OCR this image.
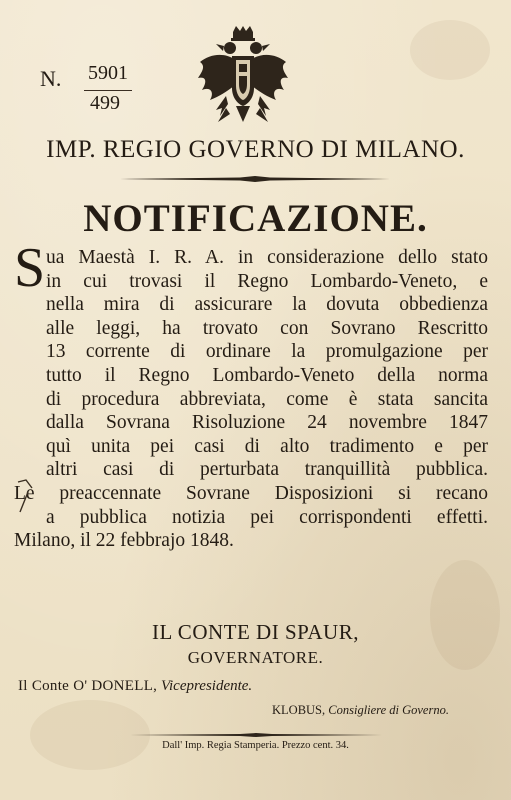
N. 5901
499
IMP. REGIO GOVERNO DI MILANO.
NOTIFICAZIONE.
S ua Maestà I. R. A. in considerazione dello stato
in cui trovasi il Regno Lombardo-Veneto, e
nella mira di assicurare la dovuta obbedienza
alle leggi, ha trovato con Sovrano Rescritto
13 corrente di ordinare la promulgazione per
tutto il Regno Lombardo-Veneto della norma
di procedura abbreviata, come è stata sancita
dalla Sovrana Risoluzione 24 novembre 1847
quì unita pei casi di alto tradimento e per
altri casi di perturbata tranquillità pubblica.
Le preaccennate Sovrane Disposizioni si recano
a pubblica notizia pei corrispondenti effetti.
Milano, il 22 febbrajo 1848.
IL CONTE DI SPAUR,
GOVERNATORE.
Il Conte O' DONELL, Vicepresidente.
KLOBUS, Consigliere di Governo.
Dall' Imp. Regia Stamperia. Prezzo cent. 34.
